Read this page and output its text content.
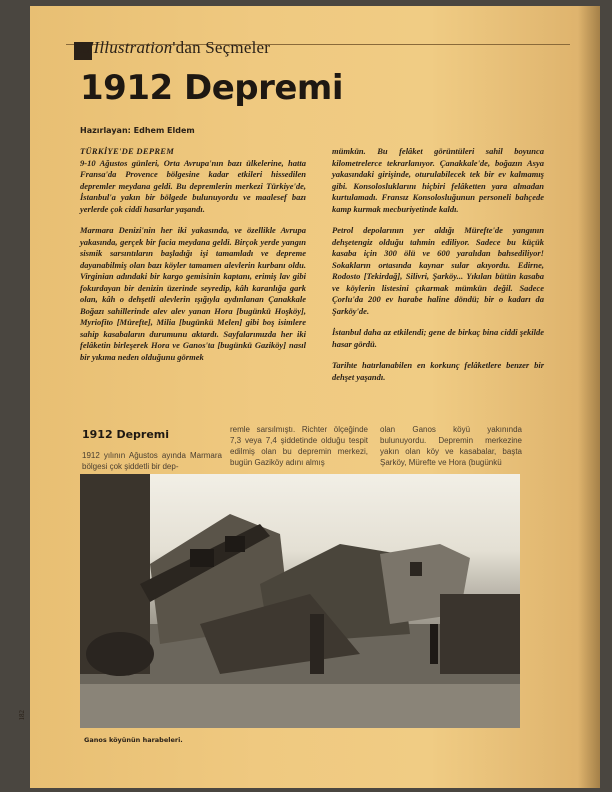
L'Illustration'dan Seçmeler
1912 Depremi
Hazırlayan: Edhem Eldem

TÜRKİYE'DE DEPREM
9-10 Ağustos günleri, Orta Avrupa'nın bazı ülkelerine, hatta Fransa'da Provence bölgesine kadar etkileri hissedilen depremler meydana geldi. Bu depremlerin merkezi Türkiye'de, İstanbul'a yakın bir bölgede bulunuyordu ve maalesef bazı yerlerde çok ciddi hasarlar yaşandı.

Marmara Denizi'nin her iki yakasında, ve özellikle Avrupa yakasında, gerçek bir facia meydana geldi. Birçok yerde yangın sismik sarsıntıların başladığı işi tamamladı ve depreme dayanabilmiş olan bazı köyler tamamen alevlerin kurbanı oldu. Virginian adındaki bir kargo gemisinin kaptanı, erimiş lav gibi fokurdayan bir denizin üzerinde seyredip, kâh karanlığa gark olan, kâh o dehşetli alevlerin ışığıyla aydınlanan Çanakkale Boğazı sahillerinde alev alev yanan Hora [bugünkü Hoşköy], Myriofito [Mürefte], Milia [bugünkü Melen] gibi boş isimlere sahip kasabaların durumunu aktardı. Sayfalarımızda her iki felâketin birleşerek Hora ve Ganos'ta [bugünkü Gaziköy] nasıl bir yıkıma neden olduğunu görmek

mümkün. Bu felâket görüntüleri sahil boyunca kilometrelerce tekrarlanıyor. Çanakkale'de, boğazın Asya yakasındaki girişinde, oturulabilecek tek bir ev kalmamış gibi. Konsolosluklarını hiçbiri felâketten yara almadan kurtulamadı. Fransız Konsolosluğunun personeli bahçede kamp kurmak mecburiyetinde kaldı.

Petrol depolarının yer aldığı Mürefte'de yangının dehşetengiz olduğu tahmin ediliyor. Sadece bu küçük kasaba için 300 ölü ve 600 yaralıdan bahsediliyor! Sokakların ortasında kaynar sular akıyordu. Edirne, Rodosto [Tekirdağ], Silivri, Şarköy... Yıkılan bütün kasaba ve köylerin listesini çıkarmak mümkün değil. Sadece Çorlu'da 200 ev harabe haline döndü; bir o kadarı da Şarköy'de.

İstanbul daha az etkilendi; gene de birkaç bina ciddi şekilde hasar gördü.

Tarihte hatırlanabilen en korkunç felâketlere benzer bir dehşet yaşandı.

1912 Depremi

1912 yılının Ağustos ayında Marmara bölgesi çok şiddetli bir dep-

remle sarsılmıştı. Richter ölçeğinde 7,3 veya 7,4 şiddetinde olduğu tespit edilmiş olan bu depremin merkezi, bugün Gaziköy adını almış

olan Ganos köyü yakınında bulunuyordu. Depremin merkezine yakın olan köy ve kasabalar, başta Şarköy, Mürefte ve Hora (bugünkü

Ganos köyünün harabeleri.
182
